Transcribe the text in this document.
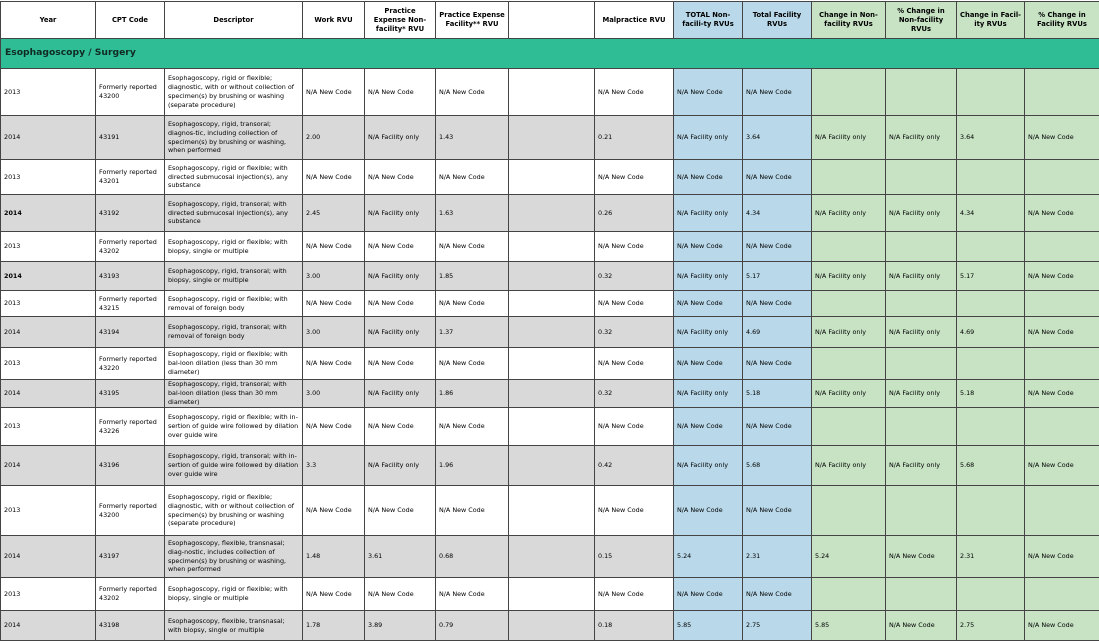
Year	CPT Code	Descriptor	Work RVU	Practice Expense Non-facility* RVU	Practice Expense Facility** RVU		Malpractice RVU	TOTAL Non-facili-ty RVUs	Total Facility RVUs	Change in Non-facility RVUs	% Change in Non-facility RVUs	Change in Facil-ity RVUs	% Change in Facility RVUs
Esophagoscopy / Surgery													
2013	Formerly reported 43200	Esophagoscopy, rigid or flexible; diagnostic, with or without collection of specimen(s) by brushing or washing (separate procedure)	N/A New Code	N/A New Code	N/A New Code		N/A New Code	N/A New Code	N/A New Code				
2014	43191	Esophagoscopy, rigid, transoral; diagnos-tic, including collection of specimen(s) by brushing or washing, when performed	2.00	N/A Facility only	1.43		0.21	N/A Facility only	3.64	N/A Facility only	N/A Facility only	3.64	N/A New Code
2013	Formerly reported 43201	Esophagoscopy, rigid or flexible; with directed submucosal injection(s), any substance	N/A New Code	N/A New Code	N/A New Code		N/A New Code	N/A New Code	N/A New Code				
2014	43192	Esophagoscopy, rigid, transoral; with directed submucosal injection(s), any substance	2.45	N/A Facility only	1.63		0.26	N/A Facility only	4.34	N/A Facility only	N/A Facility only	4.34	N/A New Code
2013	Formerly reported 43202	Esophagoscopy, rigid or flexible; with biopsy, single or multiple	N/A New Code	N/A New Code	N/A New Code		N/A New Code	N/A New Code	N/A New Code				
2014	43193	Esophagoscopy, rigid, transoral; with biopsy, single or multiple	3.00	N/A Facility only	1.85		0.32	N/A Facility only	5.17	N/A Facility only	N/A Facility only	5.17	N/A New Code
2013	Formerly reported 43215	Esophagoscopy, rigid or flexible; with removal of foreign body	N/A New Code	N/A New Code	N/A New Code		N/A New Code	N/A New Code	N/A New Code				
2014	43194	Esophagoscopy, rigid, transoral; with removal of foreign body	3.00	N/A Facility only	1.37		0.32	N/A Facility only	4.69	N/A Facility only	N/A Facility only	4.69	N/A New Code
2013	Formerly reported 43220	Esophagoscopy, rigid or flexible; with bal-loon dilation (less than 30 mm diameter)	N/A New Code	N/A New Code	N/A New Code		N/A New Code	N/A New Code	N/A New Code				
2014	43195	Esophagoscopy, rigid, transoral; with bal-loon dilation (less than 30 mm diameter)	3.00	N/A Facility only	1.86		0.32	N/A Facility only	5.18	N/A Facility only	N/A Facility only	5.18	N/A New Code
2013	Formerly reported 43226	Esophagoscopy, rigid or flexible; with in-sertion of guide wire followed by dilation over guide wire	N/A New Code	N/A New Code	N/A New Code		N/A New Code	N/A New Code	N/A New Code				
2014	43196	Esophagoscopy, rigid, transoral; with in-sertion of guide wire followed by dilation over guide wire	3.3	N/A Facility only	1.96		0.42	N/A Facility only	5.68	N/A Facility only	N/A Facility only	5.68	N/A New Code
2013	Formerly reported 43200	Esophagoscopy, rigid or flexible; diagnostic, with or without collection of specimen(s) by brushing or washing (separate procedure)	N/A New Code	N/A New Code	N/A New Code		N/A New Code	N/A New Code	N/A New Code				
2014	43197	Esophagoscopy, flexible, transnasal; diag-nostic, includes collection of specimen(s) by brushing or washing, when performed	1.48	3.61	0.68		0.15	5.24	2.31	5.24	N/A New Code	2.31	N/A New Code
2013	Formerly reported 43202	Esophagoscopy, rigid or flexible; with biopsy, single or multiple	N/A New Code	N/A New Code	N/A New Code		N/A New Code	N/A New Code	N/A New Code				
2014	43198	Esophagoscopy, flexible, transnasal; with biopsy, single or multiple	1.78	3.89	0.79		0.18	5.85	2.75	5.85	N/A New Code	2.75	N/A New Code
